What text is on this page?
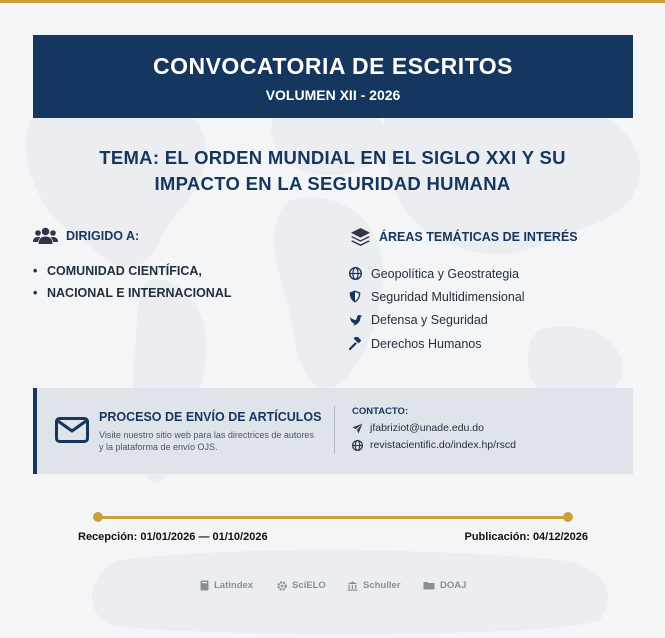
CONVOCATORIA DE ESCRITOS
VOLUMEN XII - 2026
TEMA: EL ORDEN MUNDIAL EN EL SIGLO XXI Y SU
IMPACTO EN LA SEGURIDAD HUMANA
DIRIGIDO A:
• COMUNIDAD CIENTÍFICA,
• NACIONAL E INTERNACIONAL
ÁREAS TEMÁTICAS DE INTERÉS
Geopolítica y Geostrategia
Seguridad Multidimensional
Defensa y Seguridad
Derechos Humanos
PROCESO DE ENVÍO DE ARTÍCULOS
Visite nuestro sitio web para las directrices de autores y la plataforma de envío OJS.
CONTACTO:
jfabriziot@unade.edu.do
revistacientific.do/index.hp/rscd
Recepción: 01/01/2026 — 01/10/2026	Publicación: 04/12/2026
Latindex	SciELO	Schuller	DOAJ
